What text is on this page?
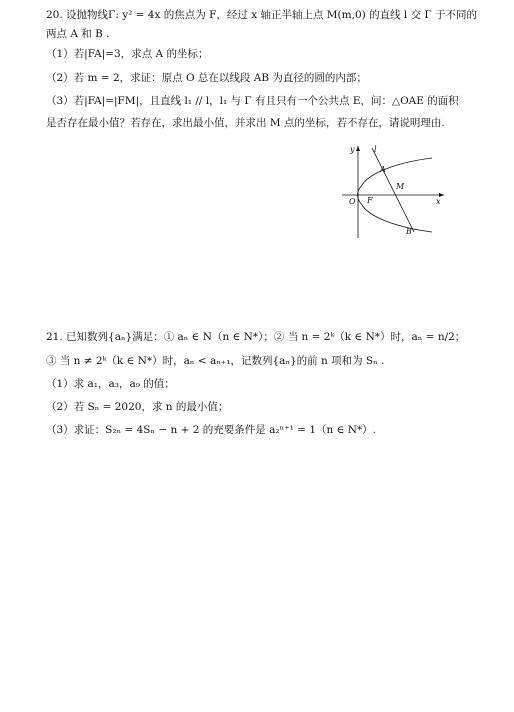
20. 设抛物线Γ: y² = 4x 的焦点为 F，经过 x 轴正半轴上点 M(m,0) 的直线 l 交 Γ 于不同的
两点 A 和 B .
（1）若|FA|=3，求点 A 的坐标；
（2）若 m = 2，求证：原点 O 总在以线段 AB 为直径的圆的内部；
（3）若|FA|=|FM|，且直线 l₁ // l，l₁ 与 Γ 有且只有一个公共点 E，问：△OAE 的面积
是否存在最小值？若存在，求出最小值，并求出 M 点的坐标，若不存在，请说明理由.
y l
A
M
O F	x
B
21. 已知数列{aₙ}满足：① aₙ ∈ N（n ∈ N*）；② 当 n = 2ᵏ（k ∈ N*）时，aₙ = n/2；
③ 当 n ≠ 2ᵏ（k ∈ N*）时，aₙ < aₙ₊₁，记数列{aₙ}的前 n 项和为 Sₙ .
（1）求 a₁，a₃，a₉ 的值；
（2）若 Sₙ = 2020，求 n 的最小值；
（3）求证：S₂ₙ = 4Sₙ − n + 2 的充要条件是 a₂ⁿ⁺¹ = 1（n ∈ N*）.
